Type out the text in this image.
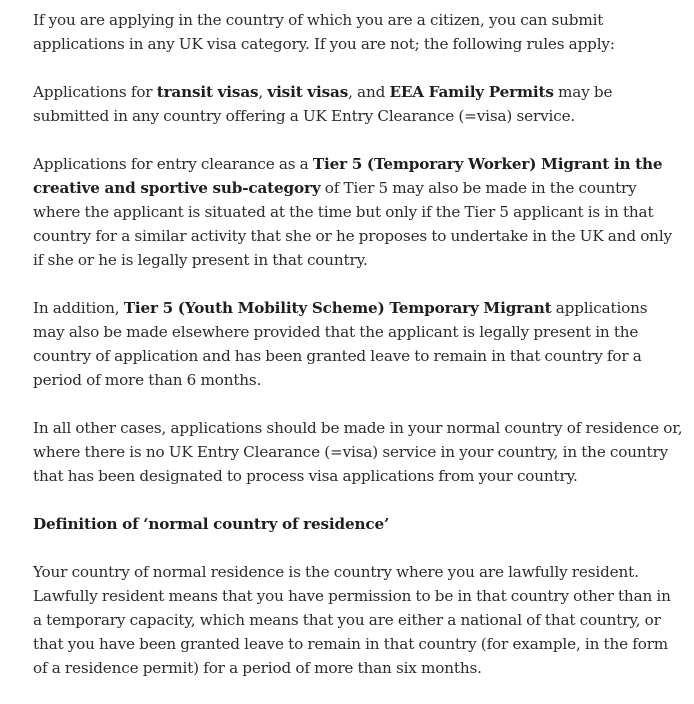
If you are applying in the country of which you are a citizen, you can submit applications in any UK visa category. If you are not; the following rules apply:

Applications for transit visas, visit visas, and EEA Family Permits may be submitted in any country offering a UK Entry Clearance (=visa) service.

Applications for entry clearance as a Tier 5 (Temporary Worker) Migrant in the creative and sportive sub-category of Tier 5 may also be made in the country where the applicant is situated at the time but only if the Tier 5 applicant is in that country for a similar activity that she or he proposes to undertake in the UK and only if she or he is legally present in that country.

In addition, Tier 5 (Youth Mobility Scheme) Temporary Migrant applications may also be made elsewhere provided that the applicant is legally present in the country of application and has been granted leave to remain in that country for a period of more than 6 months.

In all other cases, applications should be made in your normal country of residence or, where there is no UK Entry Clearance (=visa) service in your country, in the country that has been designated to process visa applications from your country.

Definition of ‘normal country of residence’

Your country of normal residence is the country where you are lawfully resident. Lawfully resident means that you have permission to be in that country other than in a temporary capacity, which means that you are either a national of that country, or that you have been granted leave to remain in that country (for example, in the form of a residence permit) for a period of more than six months.
